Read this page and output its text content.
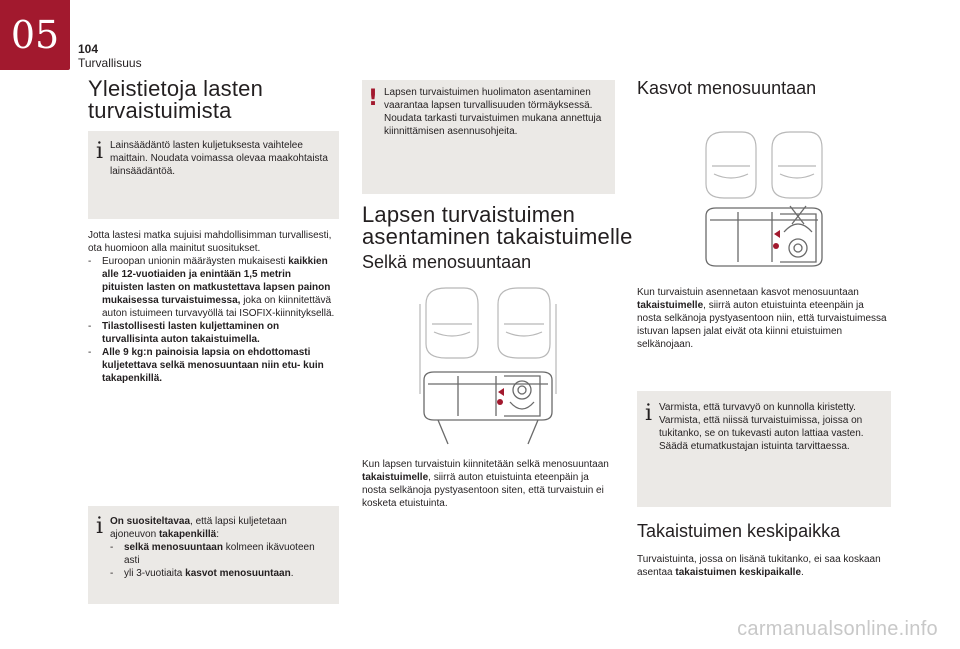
05 104
Turvallisuus
Yleistietoja lasten
turvaistuimista
i Lainsäädäntö lasten kuljetuksesta vaihtelee
maittain. Noudata voimassa olevaa maakohtaista
lainsäädäntöä.
Jotta lastesi matka sujuisi mahdollisimman turvallisesti,
ota huomioon alla mainitut suositukset.
-	Euroopan unionin määräysten mukaisesti kaikkien
alle 12-vuotiaiden ja enintään 1,5 metrin
pituisten lasten on matkustettava lapsen painon
mukaisessa turvaistuimessa, joka on kiinnitettävä
auton istuimeen turvavyöllä tai ISOFIX-kiinnityksellä.
-	Tilastollisesti lasten kuljettaminen on
turvallisinta auton takaistuimella.
-	Alle 9 kg:n painoisia lapsia on ehdottomasti
kuljetettava selkä menosuuntaan niin etu- kuin
takapenkillä.
i On suositeltavaa, että lapsi kuljetetaan
ajoneuvon takapenkillä:
-	selkä menosuuntaan kolmeen ikävuoteen
asti
-	yli 3-vuotiaita kasvot menosuuntaan.
! Lapsen turvaistuimen huolimaton asentaminen
vaarantaa lapsen turvallisuuden törmäyksessä.
Noudata tarkasti turvaistuimen mukana annettuja
kiinnittämisen asennusohjeita.
Lapsen turvaistuimen
asentaminen takaistuimelle
Selkä menosuuntaan
Kun lapsen turvaistuin kiinnitetään selkä menosuuntaan
takaistuimelle, siirrä auton etuistuinta eteenpäin ja
nosta selkänoja pystyasentoon siten, että turvaistuin ei
kosketa etuistuinta.
Kasvot menosuuntaan
Kun turvaistuin asennetaan kasvot menosuuntaan
takaistuimelle, siirrä auton etuistuinta eteenpäin ja
nosta selkänoja pystyasentoon niin, että turvaistuimessa
istuvan lapsen jalat eivät ota kiinni etuistuimen
selkänojaan.
i Varmista, että turvavyö on kunnolla kiristetty.
Varmista, että niissä turvaistuimissa, joissa on
tukitanko, se on tukevasti auton lattiaa vasten.
Säädä etumatkustajan istuinta tarvittaessa.
Takaistuimen keskipaikka
Turvaistuinta, jossa on lisänä tukitanko, ei saa koskaan
asentaa takaistuimen keskipaikalle.
carmanualsonline.info
